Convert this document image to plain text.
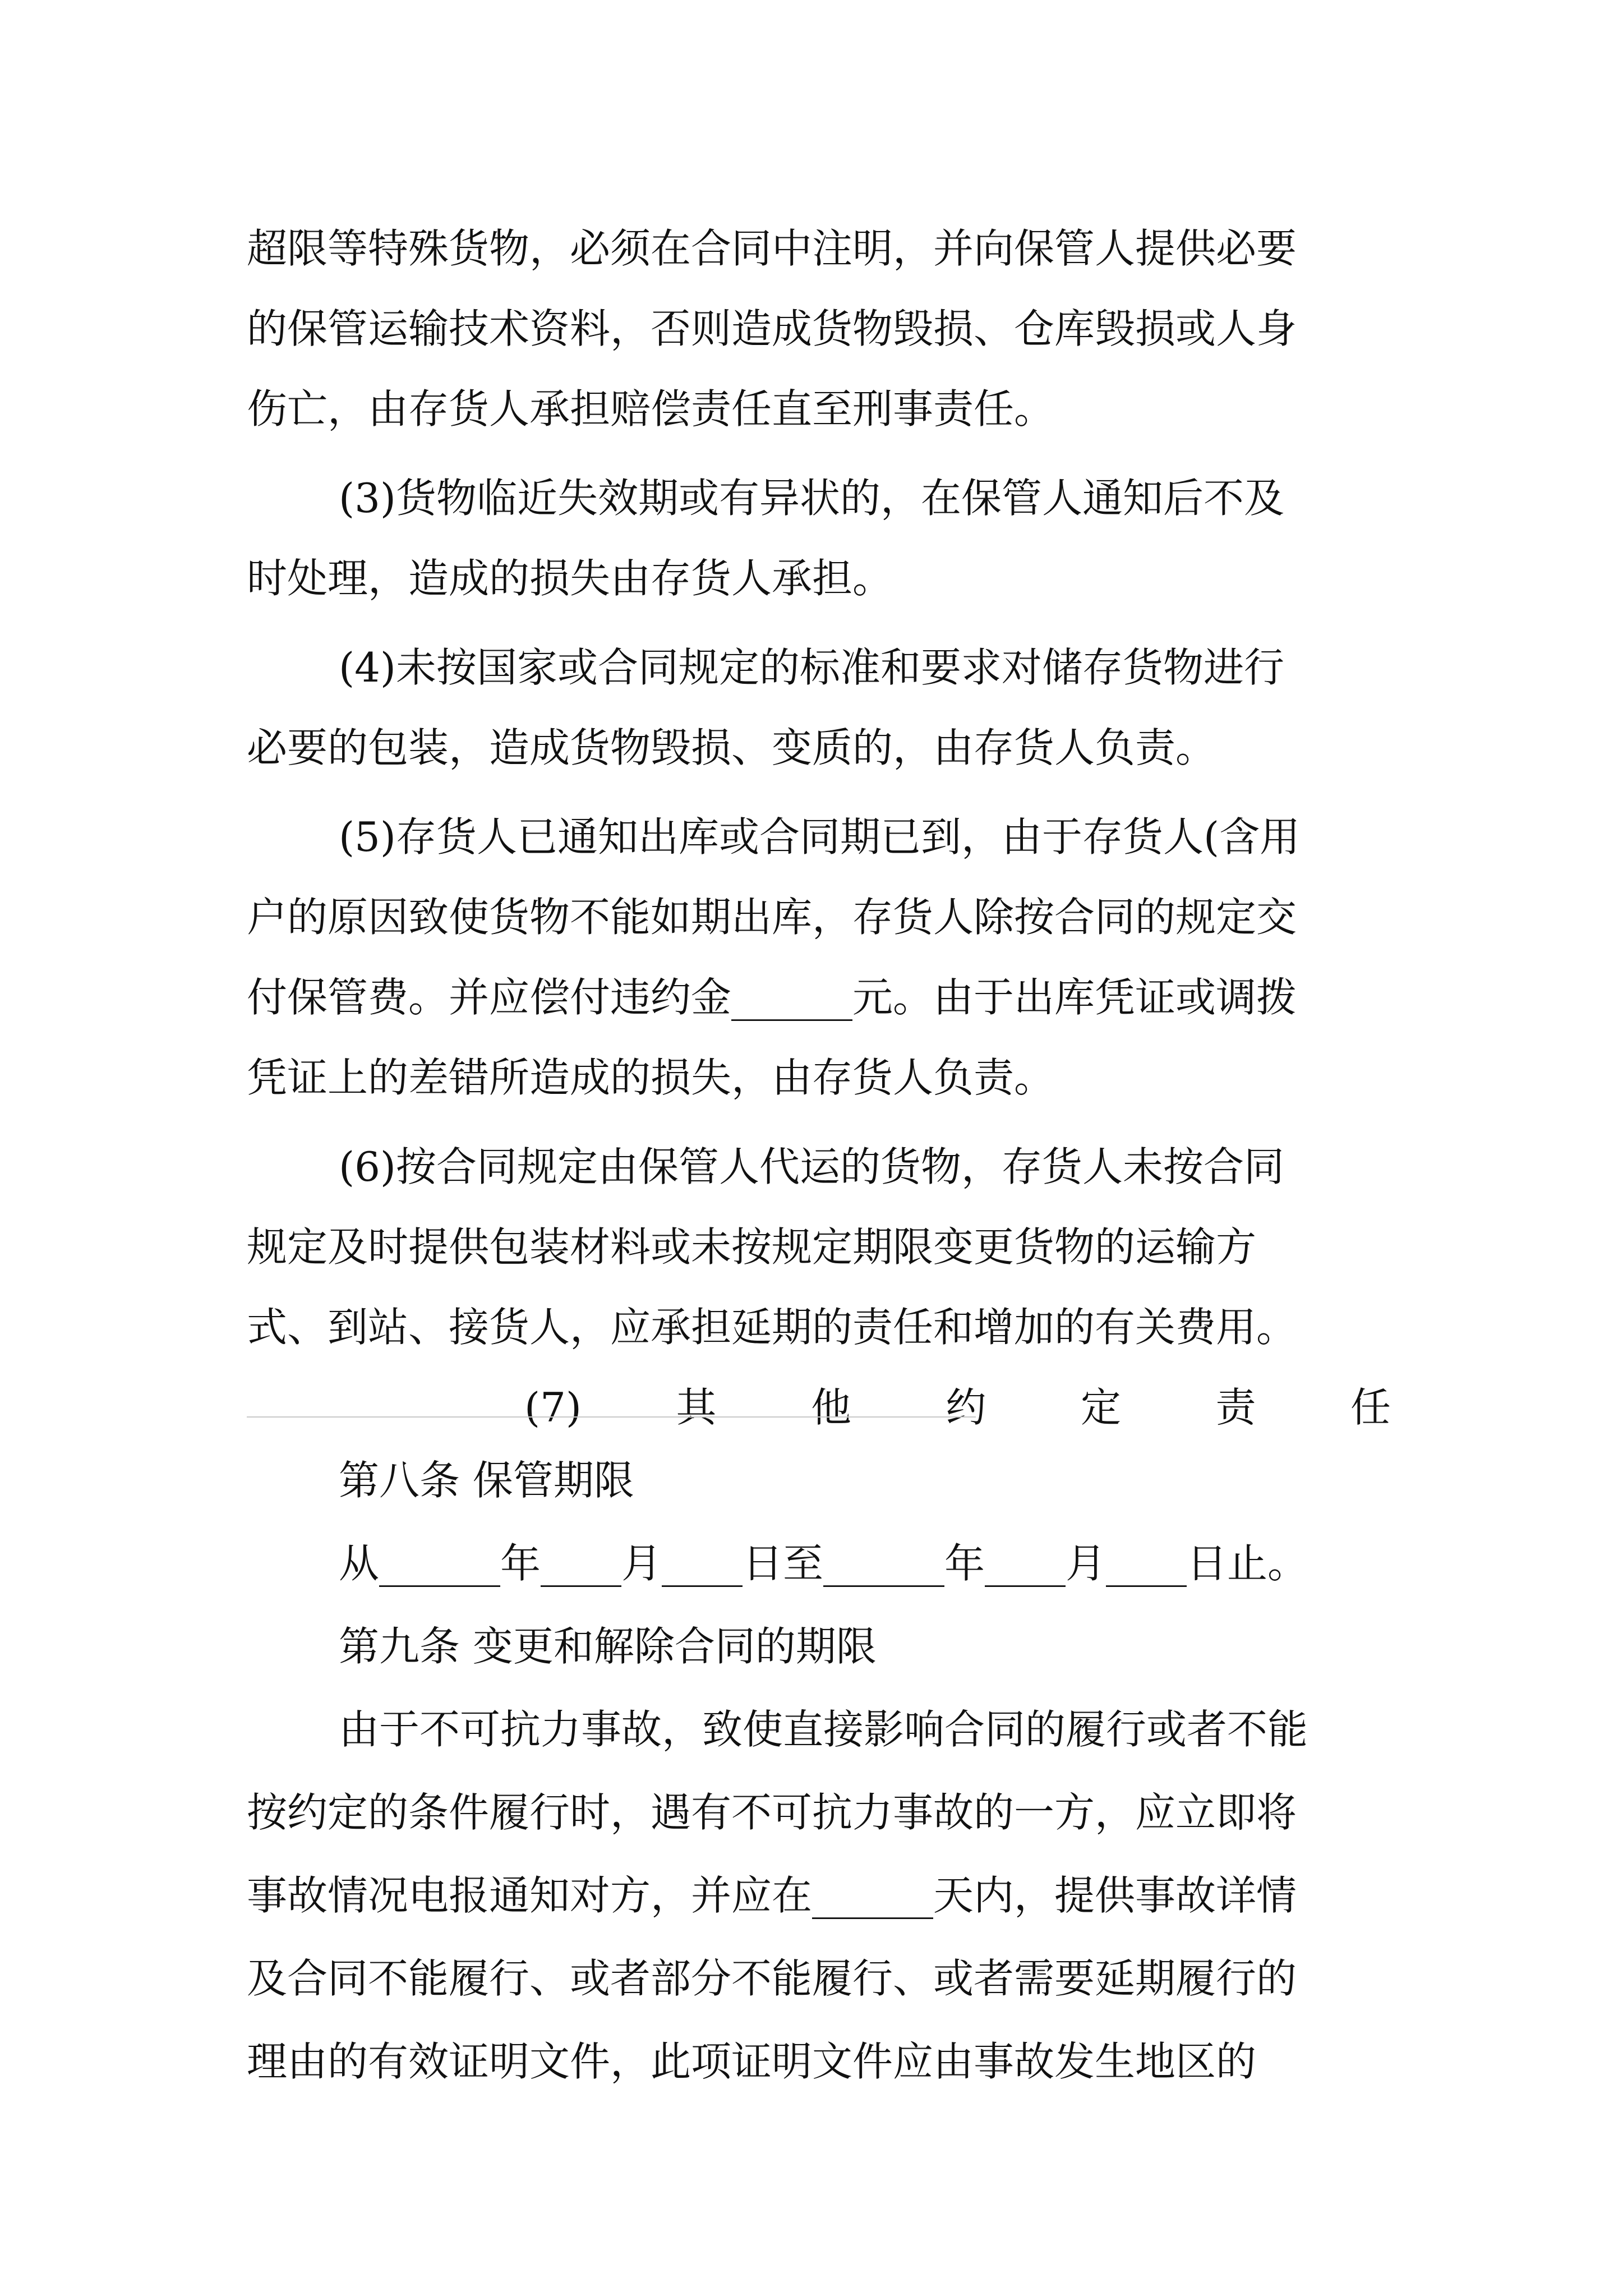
超限等特殊货物，必须在合同中注明，并向保管人提供必要
的保管运输技术资料，否则造成货物毁损、仓库毁损或人身
伤亡，由存货人承担赔偿责任直至刑事责任。
(3)货物临近失效期或有异状的，在保管人通知后不及
时处理，造成的损失由存货人承担。
(4)未按国家或合同规定的标准和要求对储存货物进行
必要的包装，造成货物毁损、变质的，由存货人负责。
(5)存货人已通知出库或合同期已到，由于存货人(含用
户的原因致使货物不能如期出库，存货人除按合同的规定交
付保管费。并应偿付违约金______元。由于出库凭证或调拨
凭证上的差错所造成的损失，由存货人负责。
(6)按合同规定由保管人代运的货物，存货人未按合同
规定及时提供包装材料或未按规定期限变更货物的运输方
式、到站、接货人，应承担延期的责任和增加的有关费用。
(7) 其 他 约 定 责 任
第八条 保管期限
从______年____月____日至______年____月____日止。
第九条 变更和解除合同的期限
由于不可抗力事故，致使直接影响合同的履行或者不能
按约定的条件履行时，遇有不可抗力事故的一方，应立即将
事故情况电报通知对方，并应在______天内，提供事故详情
及合同不能履行、或者部分不能履行、或者需要延期履行的
理由的有效证明文件，此项证明文件应由事故发生地区的
